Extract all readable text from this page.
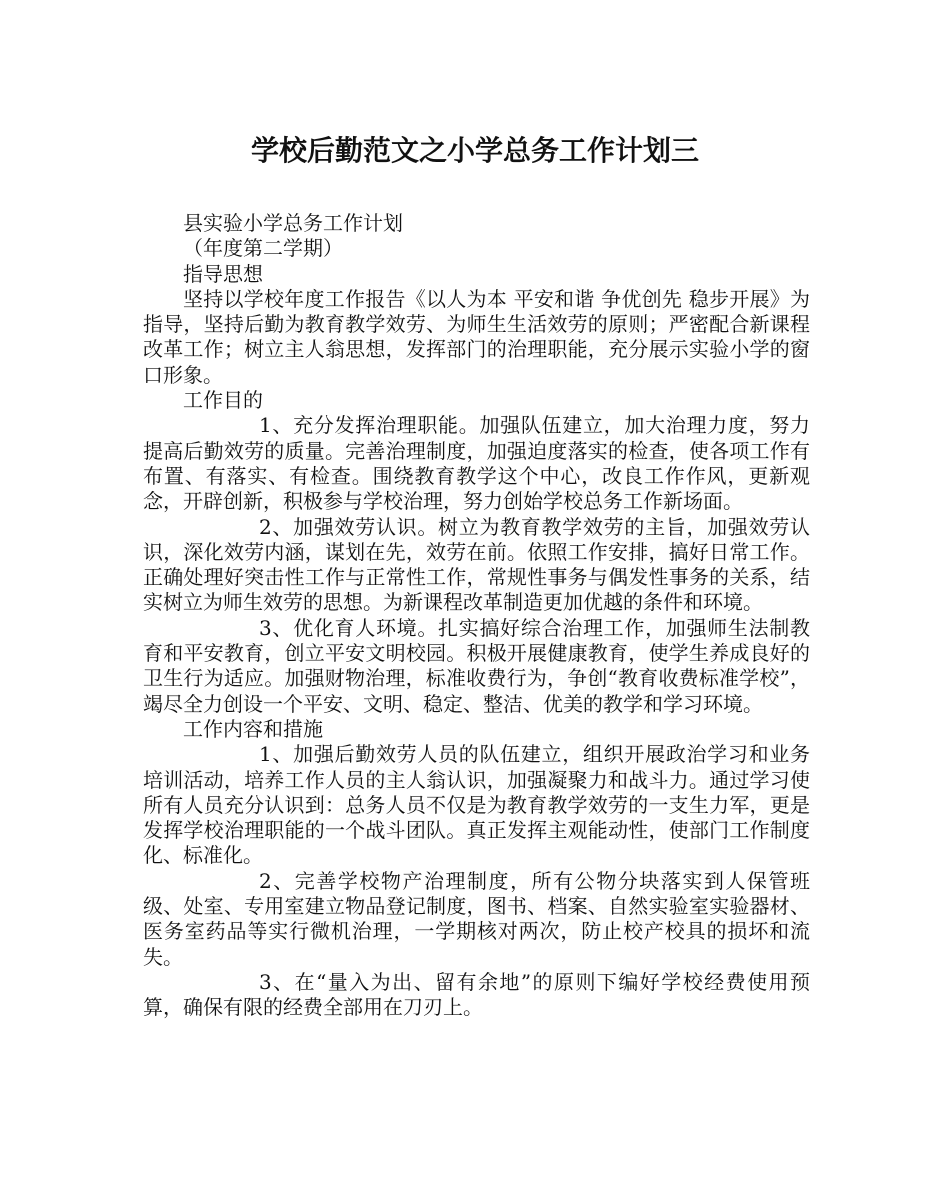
学校后勤范文之小学总务工作计划三

县实验小学总务工作计划

（年度第二学期）

指导思想

坚持以学校年度工作报告《以人为本 平安和谐 争优创先 稳步开展》为指导，坚持后勤为教育教学效劳、为师生生活效劳的原则；严密配合新课程改革工作；树立主人翁思想，发挥部门的治理职能，充分展示实验小学的窗口形象。

工作目的

1、充分发挥治理职能。加强队伍建立，加大治理力度，努力提高后勤效劳的质量。完善治理制度，加强迫度落实的检查，使各项工作有布置、有落实、有检查。围绕教育教学这个中心，改良工作作风，更新观念，开辟创新，积极参与学校治理，努力创始学校总务工作新场面。

2、加强效劳认识。树立为教育教学效劳的主旨，加强效劳认识，深化效劳内涵，谋划在先，效劳在前。依照工作安排，搞好日常工作。正确处理好突击性工作与正常性工作，常规性事务与偶发性事务的关系，结实树立为师生效劳的思想。为新课程改革制造更加优越的条件和环境。

3、优化育人环境。扎实搞好综合治理工作，加强师生法制教育和平安教育，创立平安文明校园。积极开展健康教育，使学生养成良好的卫生行为适应。加强财物治理，标准收费行为，争创“教育收费标准学校”，竭尽全力创设一个平安、文明、稳定、整洁、优美的教学和学习环境。

工作内容和措施

1、加强后勤效劳人员的队伍建立，组织开展政治学习和业务培训活动，培养工作人员的主人翁认识，加强凝聚力和战斗力。通过学习使所有人员充分认识到：总务人员不仅是为教育教学效劳的一支生力军，更是发挥学校治理职能的一个战斗团队。真正发挥主观能动性，使部门工作制度化、标准化。

2、完善学校物产治理制度，所有公物分块落实到人保管班级、处室、专用室建立物品登记制度，图书、档案、自然实验室实验器材、医务室药品等实行微机治理，一学期核对两次，防止校产校具的损坏和流失。

3、在“量入为出、留有余地”的原则下编好学校经费使用预算，确保有限的经费全部用在刀刃上。
